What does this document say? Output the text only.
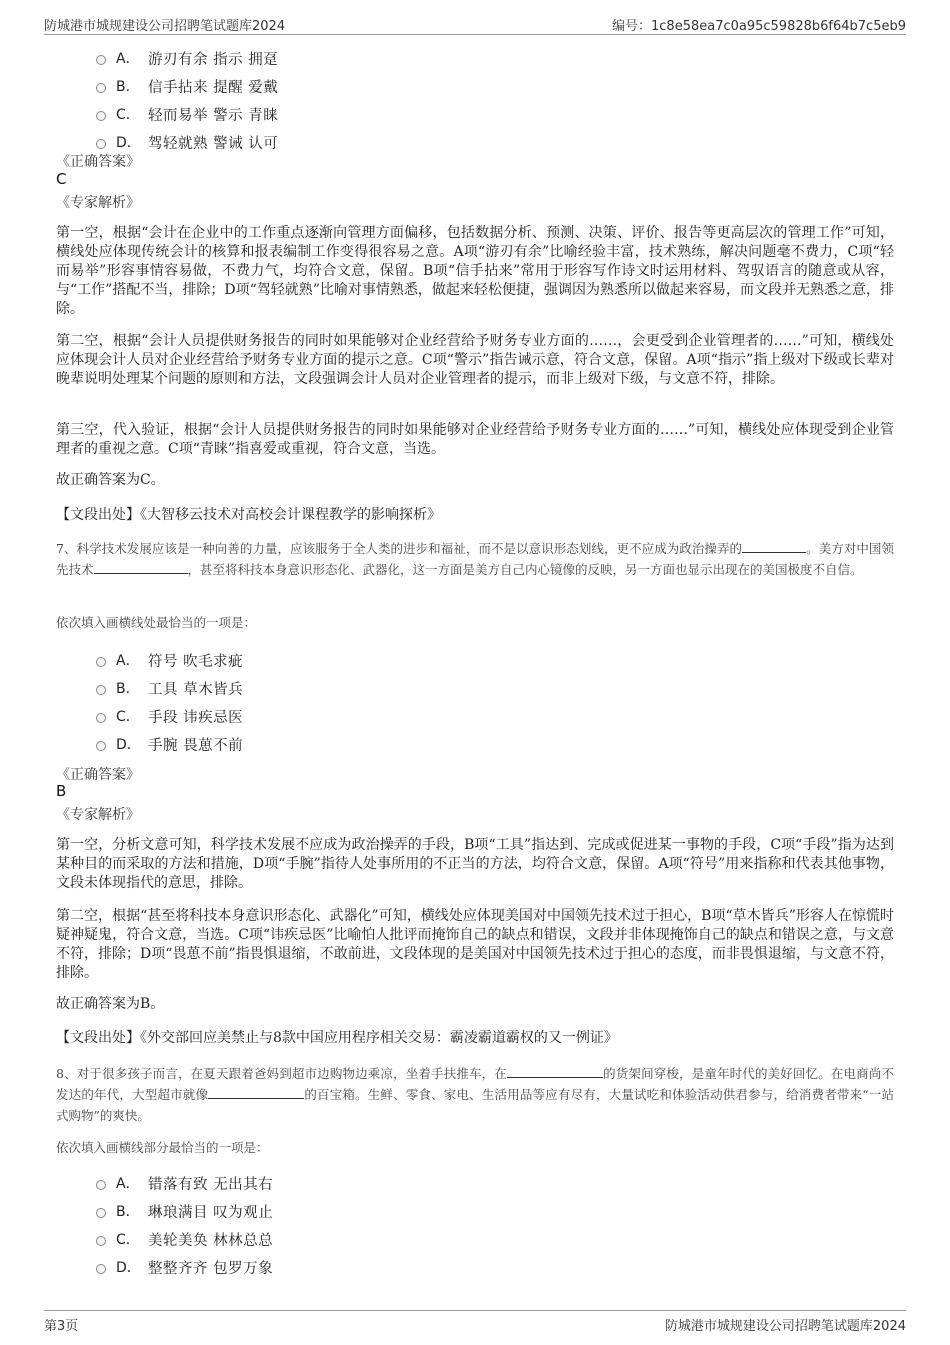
防城港市城规建设公司招聘笔试题库2024	编号：1c8e58ea7c0a95c59828b6f64b7c5eb9
A． 游刃有余 指示 拥趸
B． 信手拈来 提醒 爱戴
C． 轻而易举 警示 青睐
D． 驾轻就熟 警诫 认可
《正确答案》
C
《专家解析》
第一空，根据“会计在企业中的工作重点逐渐向管理方面偏移，包括数据分析、预测、决策、评价、报告等更高层次的管理工作”可知，横线处应体现传统会计的核算和报表编制工作变得很容易之意。A项“游刃有余”比喻经验丰富，技术熟练，解决问题毫不费力，C项“轻而易举”形容事情容易做，不费力气，均符合文意，保留。B项“信手拈来”常用于形容写作诗文时运用材料、驾驭语言的随意或从容，与“工作”搭配不当，排除；D项“驾轻就熟”比喻对事情熟悉，做起来轻松便捷，强调因为熟悉所以做起来容易，而文段并无熟悉之意，排除。
第二空，根据“会计人员提供财务报告的同时如果能够对企业经营给予财务专业方面的……，会更受到企业管理者的……”可知，横线处应体现会计人员对企业经营给予财务专业方面的提示之意。C项“警示”指告诫示意，符合文意，保留。A项“指示”指上级对下级或长辈对晚辈说明处理某个问题的原则和方法，文段强调会计人员对企业管理者的提示，而非上级对下级，与文意不符，排除。
第三空，代入验证，根据“会计人员提供财务报告的同时如果能够对企业经营给予财务专业方面的……”可知，横线处应体现受到企业管理者的重视之意。C项“青睐”指喜爱或重视，符合文意，当选。
故正确答案为C。
【文段出处】《大智移云技术对高校会计课程教学的影响探析》
7、科学技术发展应该是一种向善的力量，应该服务于全人类的进步和福祉，而不是以意识形态划线，更不应成为政治操弄的	。美方对中国领先技术	，甚至将科技本身意识形态化、武器化，这一方面是美方自己内心镜像的反映，另一方面也显示出现在的美国极度不自信。
依次填入画横线处最恰当的一项是：
A． 符号 吹毛求疵
B． 工具 草木皆兵
C． 手段 讳疾忌医
D． 手腕 畏葸不前
《正确答案》
B
《专家解析》
第一空，分析文意可知，科学技术发展不应成为政治操弄的手段，B项“工具”指达到、完成或促进某一事物的手段，C项“手段”指为达到某种目的而采取的方法和措施，D项“手腕”指待人处事所用的不正当的方法，均符合文意，保留。A项“符号”用来指称和代表其他事物，文段未体现指代的意思，排除。
第二空，根据“甚至将科技本身意识形态化、武器化”可知，横线处应体现美国对中国领先技术过于担心，B项“草木皆兵”形容人在惊慌时疑神疑鬼，符合文意，当选。C项“讳疾忌医”比喻怕人批评而掩饰自己的缺点和错误，文段并非体现掩饰自己的缺点和错误之意，与文意不符，排除；D项“畏葸不前”指畏惧退缩，不敢前进，文段体现的是美国对中国领先技术过于担心的态度，而非畏惧退缩，与文意不符，排除。
故正确答案为B。
【文段出处】《外交部回应美禁止与8款中国应用程序相关交易：霸凌霸道霸权的又一例证》
8、对于很多孩子而言，在夏天跟着爸妈到超市边购物边乘凉，坐着手扶推车，在	的货架间穿梭，是童年时代的美好回忆。在电商尚不发达的年代，大型超市就像	的百宝箱。生鲜、零食、家电、生活用品等应有尽有，大量试吃和体验活动供君参与，给消费者带来“一站式购物”的爽快。
依次填入画横线部分最恰当的一项是：
A． 错落有致 无出其右
B． 琳琅满目 叹为观止
C． 美轮美奂 林林总总
D． 整整齐齐 包罗万象
第3页	防城港市城规建设公司招聘笔试题库2024
